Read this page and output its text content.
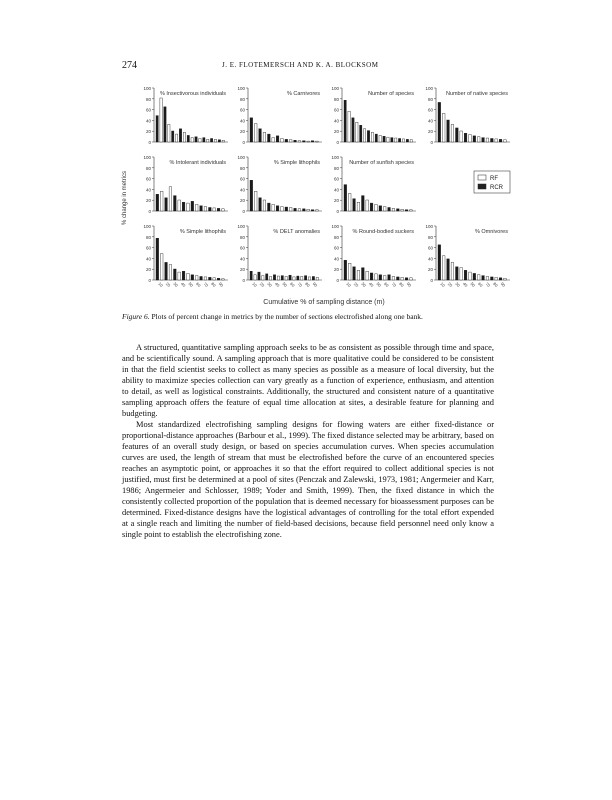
274	J. E. FLOTEMERSCH AND K. A. BLOCKSOM
% change in metrics
Cumulative % of sampling distance (m)
100
80
60
40
20
0
% Insectivorous individuals
100
80
60
40
20
0
% Carnivores
100
80
60
40
20
0
Number of species
100
80
60
40
20
0
Number of native species
100
80
60
40
20
0
% Intolerant individuals
100
80
60
40
20
0
% Simple lithophils
100
80
60
40
20
0
Number of sunfish species
RF
RCR
100
80
60
40
20
0
% Simple lithophils
10 20 30 40 50 60 70 80 90
100
80
60
40
20
0
% DELT anomalies
10 20 30 40 50 60 70 80 90
100
80
60
40
20
0
% Round-bodied suckers
10 20 30 40 50 60 70 80 90
100
80
60
40
20
0
% Omnivores
10 20 30 40 50 60 70 80 90
Figure 6. Plots of percent change in metrics by the number of sections electrofished along one bank.

A structured, quantitative sampling approach seeks to be as consistent as possible through time and space, and be scientifically sound. A sampling approach that is more qualitative could be considered to be consistent in that the field scientist seeks to collect as many species as possible as a measure of local diversity, but the ability to maximize species collection can vary greatly as a function of experience, enthusiasm, and attention to detail, as well as logistical constraints. Additionally, the structured and consistent nature of a quantitative sampling approach offers the feature of equal time allocation at sites, a desirable feature for planning and budgeting.

Most standardized electrofishing sampling designs for flowing waters are either fixed-distance or proportional-distance approaches (Barbour et al., 1999). The fixed distance selected may be arbitrary, based on features of an overall study design, or based on species accumulation curves. When species accumulation curves are used, the length of stream that must be electrofished before the curve of an encountered species reaches an asymptotic point, or approaches it so that the effort required to collect additional species is not justified, must first be determined at a pool of sites (Penczak and Zalewski, 1973, 1981; Angermeier and Karr, 1986; Angermeier and Schlosser, 1989; Yoder and Smith, 1999). Then, the fixed distance in which the consistently collected proportion of the population that is deemed necessary for bioassessment purposes can be determined. Fixed-distance designs have the logistical advantages of controlling for the total effort expended at a single reach and limiting the number of field-based decisions, because field personnel need only know a single point to establish the electrofishing zone.
